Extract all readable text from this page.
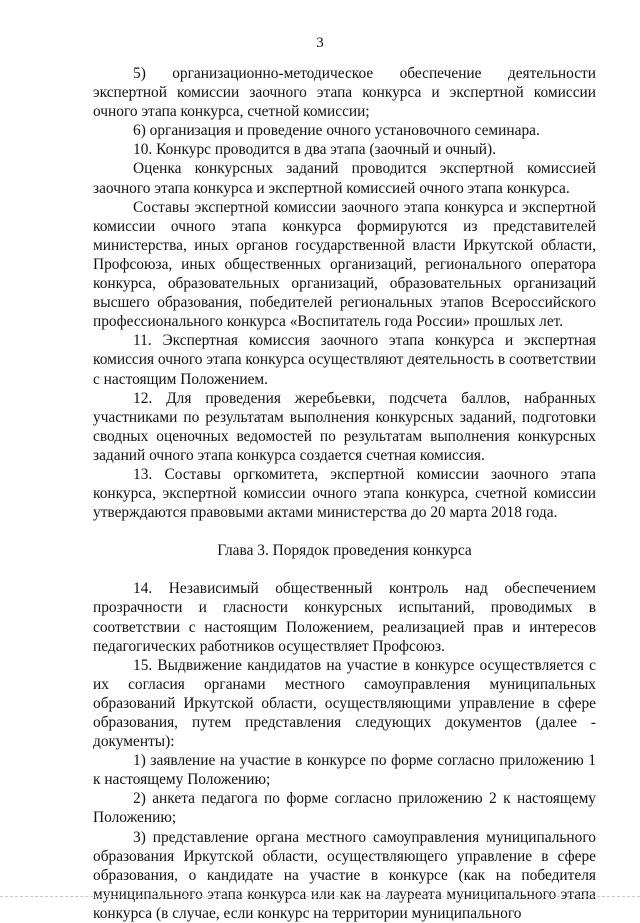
3

5) организационно-методическое обеспечение деятельности экспертной комиссии заочного этапа конкурса и экспертной комиссии очного этапа конкурса, счетной комиссии;

6) организация и проведение очного установочного семинара.

10. Конкурс проводится в два этапа (заочный и очный).

Оценка конкурсных заданий проводится экспертной комиссией заочного этапа конкурса и экспертной комиссией очного этапа конкурса.

Составы экспертной комиссии заочного этапа конкурса и экспертной комиссии очного этапа конкурса формируются из представителей министерства, иных органов государственной власти Иркутской области, Профсоюза, иных общественных организаций, регионального оператора конкурса, образовательных организаций, образовательных организаций высшего образования, победителей региональных этапов Всероссийского профессионального конкурса «Воспитатель года России» прошлых лет.

11. Экспертная комиссия заочного этапа конкурса и экспертная комиссия очного этапа конкурса осуществляют деятельность в соответствии с настоящим Положением.

12. Для проведения жеребьевки, подсчета баллов, набранных участниками по результатам выполнения конкурсных заданий, подготовки сводных оценочных ведомостей по результатам выполнения конкурсных заданий очного этапа конкурса создается счетная комиссия.

13. Составы оргкомитета, экспертной комиссии заочного этапа конкурса, экспертной комиссии очного этапа конкурса, счетной комиссии утверждаются правовыми актами министерства до 20 марта 2018 года.

Глава 3. Порядок проведения конкурса

14. Независимый общественный контроль над обеспечением прозрачности и гласности конкурсных испытаний, проводимых в соответствии с настоящим Положением, реализацией прав и интересов педагогических работников осуществляет Профсоюз.

15. Выдвижение кандидатов на участие в конкурсе осуществляется с их согласия органами местного самоуправления муниципальных образований Иркутской области, осуществляющими управление в сфере образования, путем представления следующих документов (далее - документы):

1) заявление на участие в конкурсе по форме согласно приложению 1 к настоящему Положению;

2) анкета педагога по форме согласно приложению 2 к настоящему Положению;

3) представление органа местного самоуправления муниципального образования Иркутской области, осуществляющего управление в сфере образования, о кандидате на участие в конкурсе (как на победителя муниципального этапа конкурса или как на лауреата муниципального этапа конкурса (в случае, если конкурс на территории муниципального
